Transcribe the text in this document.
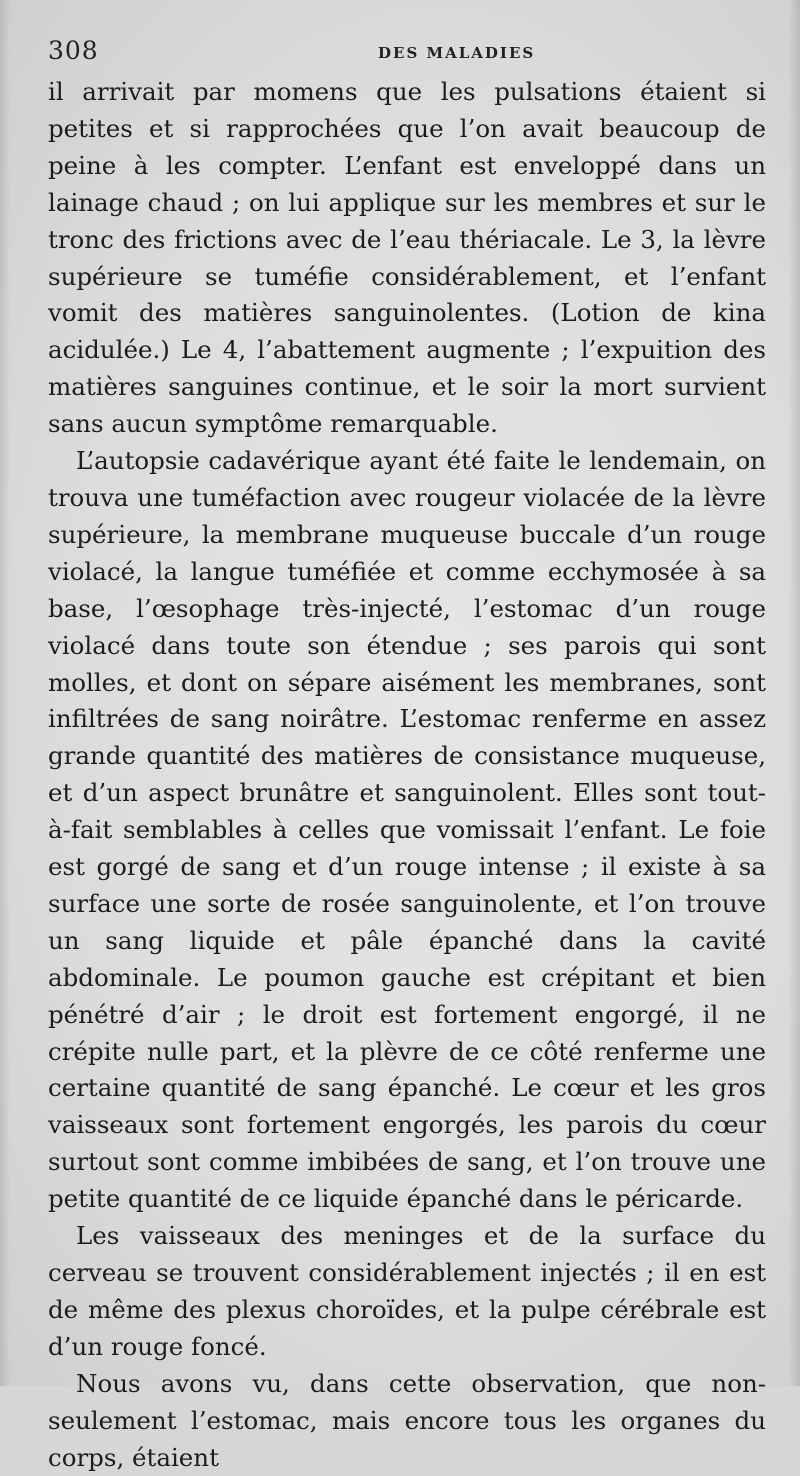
308	DES MALADIES

il arrivait par momens que les pulsations étaient si petites et si rapprochées que l’on avait beaucoup de peine à les compter. L’enfant est enveloppé dans un lainage chaud ; on lui applique sur les membres et sur le tronc des frictions avec de l’eau thériacale. Le 3, la lèvre supérieure se tuméfie considérablement, et l’enfant vomit des matières sanguinolentes. (Lotion de kina acidulée.) Le 4, l’abattement augmente ; l’expuition des matières sanguines continue, et le soir la mort survient sans aucun symptôme remarquable.

L’autopsie cadavérique ayant été faite le lendemain, on trouva une tuméfaction avec rougeur violacée de la lèvre supérieure, la membrane muqueuse buccale d’un rouge violacé, la langue tuméfiée et comme ecchymosée à sa base, l’œsophage très-injecté, l’estomac d’un rouge violacé dans toute son étendue ; ses parois qui sont molles, et dont on sépare aisément les membranes, sont infiltrées de sang noirâtre. L’estomac renferme en assez grande quantité des matières de consistance muqueuse, et d’un aspect brunâtre et sanguinolent. Elles sont tout-à-fait semblables à celles que vomissait l’enfant. Le foie est gorgé de sang et d’un rouge intense ; il existe à sa surface une sorte de rosée sanguinolente, et l’on trouve un sang liquide et pâle épanché dans la cavité abdominale. Le poumon gauche est crépitant et bien pénétré d’air ; le droit est fortement engorgé, il ne crépite nulle part, et la plèvre de ce côté renferme une certaine quantité de sang épanché. Le cœur et les gros vaisseaux sont fortement engorgés, les parois du cœur surtout sont comme imbibées de sang, et l’on trouve une petite quantité de ce liquide épanché dans le péricarde.

Les vaisseaux des meninges et de la surface du cerveau se trouvent considérablement injectés ; il en est de même des plexus choroïdes, et la pulpe cérébrale est d’un rouge foncé.

Nous avons vu, dans cette observation, que non-seulement l’estomac, mais encore tous les organes du corps, étaient
